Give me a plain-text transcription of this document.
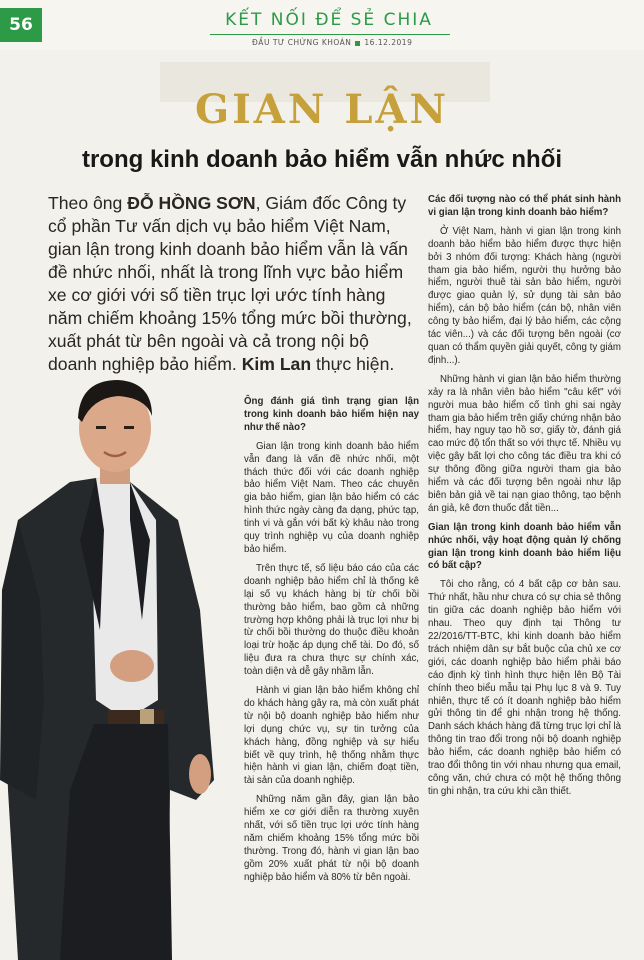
56	KẾT NỐI ĐỂ SẺ CHIA
ĐẦU TƯ CHỨNG KHOÁN 16.12.2019
GIAN LẬN
trong kinh doanh bảo hiểm vẫn nhức nhối

Theo ông ĐỖ HỒNG SƠN, Giám đốc Công ty cổ phần Tư vấn dịch vụ bảo hiểm Việt Nam, gian lận trong kinh doanh bảo hiểm vẫn là vấn đề nhức nhối, nhất là trong lĩnh vực bảo hiểm xe cơ giới với số tiền trục lợi ước tính hàng năm chiếm khoảng 15% tổng mức bồi thường, xuất phát từ bên ngoài và cả trong nội bộ doanh nghiệp bảo hiểm. Kim Lan thực hiện.

Ông đánh giá tình trạng gian lận trong kinh doanh bảo hiểm hiện nay như thế nào?

Gian lận trong kinh doanh bảo hiểm vẫn đang là vấn đề nhức nhối, một thách thức đối với các doanh nghiệp bảo hiểm Việt Nam. Theo các chuyên gia bảo hiểm, gian lận bảo hiểm có các hình thức ngày càng đa dạng, phức tạp, tinh vi và gắn với bất kỳ khâu nào trong quy trình nghiệp vụ của doanh nghiệp bảo hiểm.

Trên thực tế, số liệu báo cáo của các doanh nghiệp bảo hiểm chỉ là thống kê lại số vụ khách hàng bị từ chối bồi thường bảo hiểm, bao gồm cả những trường hợp không phải là trục lợi như bị từ chối bồi thường do thuộc điều khoản loại trừ hoặc áp dụng chế tài. Do đó, số liệu đưa ra chưa thực sự chính xác, toàn diện và dễ gây nhầm lẫn.

Hành vi gian lận bảo hiểm không chỉ do khách hàng gây ra, mà còn xuất phát từ nội bộ doanh nghiệp bảo hiểm như lợi dụng chức vụ, sự tin tưởng của khách hàng, đồng nghiệp và sự hiểu biết về quy trình, hệ thống nhằm thực hiện hành vi gian lận, chiếm đoạt tiền, tài sản của doanh nghiệp.

Những năm gần đây, gian lận bảo hiểm xe cơ giới diễn ra thường xuyên nhất, với số tiền trục lợi ước tính hàng năm chiếm khoảng 15% tổng mức bồi thường. Trong đó, hành vi gian lận bao gồm 20% xuất phát từ nội bộ doanh nghiệp bảo hiểm và 80% từ bên ngoài.

Các đối tượng nào có thể phát sinh hành vi gian lận trong kinh doanh bảo hiểm?

Ở Việt Nam, hành vi gian lận trong kinh doanh bảo hiểm bảo hiểm được thực hiện bởi 3 nhóm đối tượng: Khách hàng (người tham gia bảo hiểm, người thụ hưởng bảo hiểm, người thuê tài sản bảo hiểm, người được giao quản lý, sử dụng tài sản bảo hiểm), cán bộ bảo hiểm (cán bộ, nhân viên công ty bảo hiểm, đại lý bảo hiểm, các cộng tác viên...) và các đối tượng bên ngoài (cơ quan có thẩm quyền giải quyết, công ty giám định...).

Những hành vi gian lận bảo hiểm thường xảy ra là nhân viên bảo hiểm "câu kết" với người mua bảo hiểm cố tình ghi sai ngày tham gia bảo hiểm trên giấy chứng nhận bảo hiểm, hay nguy tạo hồ sơ, giấy tờ, đánh giá cao mức độ tổn thất so với thực tế. Nhiều vụ việc gây bất lợi cho công tác điều tra khi có sự thông đồng giữa người tham gia bảo hiểm và các đối tượng bên ngoài như lập biên bản giả về tai nạn giao thông, tạo bệnh án giả, kê đơn thuốc đắt tiền...

Gian lận trong kinh doanh bảo hiểm vẫn nhức nhối, vậy hoạt động quản lý chống gian lận trong kinh doanh bảo hiểm liệu có bất cập?

Tôi cho rằng, có 4 bất cập cơ bản sau. Thứ nhất, hầu như chưa có sự chia sẻ thông tin giữa các doanh nghiệp bảo hiểm với nhau. Theo quy định tại Thông tư 22/2016/TT-BTC, khi kinh doanh bảo hiểm trách nhiệm dân sự bắt buộc của chủ xe cơ giới, các doanh nghiệp bảo hiểm phải báo cáo định kỳ tình hình thực hiện lên Bộ Tài chính theo biểu mẫu tại Phụ lục 8 và 9. Tuy nhiên, thực tế có ít doanh nghiệp bảo hiểm gửi thông tin để ghi nhận trong hệ thống. Danh sách khách hàng đã từng trục lợi chỉ là thông tin trao đổi trong nội bộ doanh nghiệp bảo hiểm, các doanh nghiệp bảo hiểm có trao đổi thông tin với nhau nhưng qua email, công văn, chứ chưa có một hệ thống thông tin ghi nhận, tra cứu khi cần thiết.
